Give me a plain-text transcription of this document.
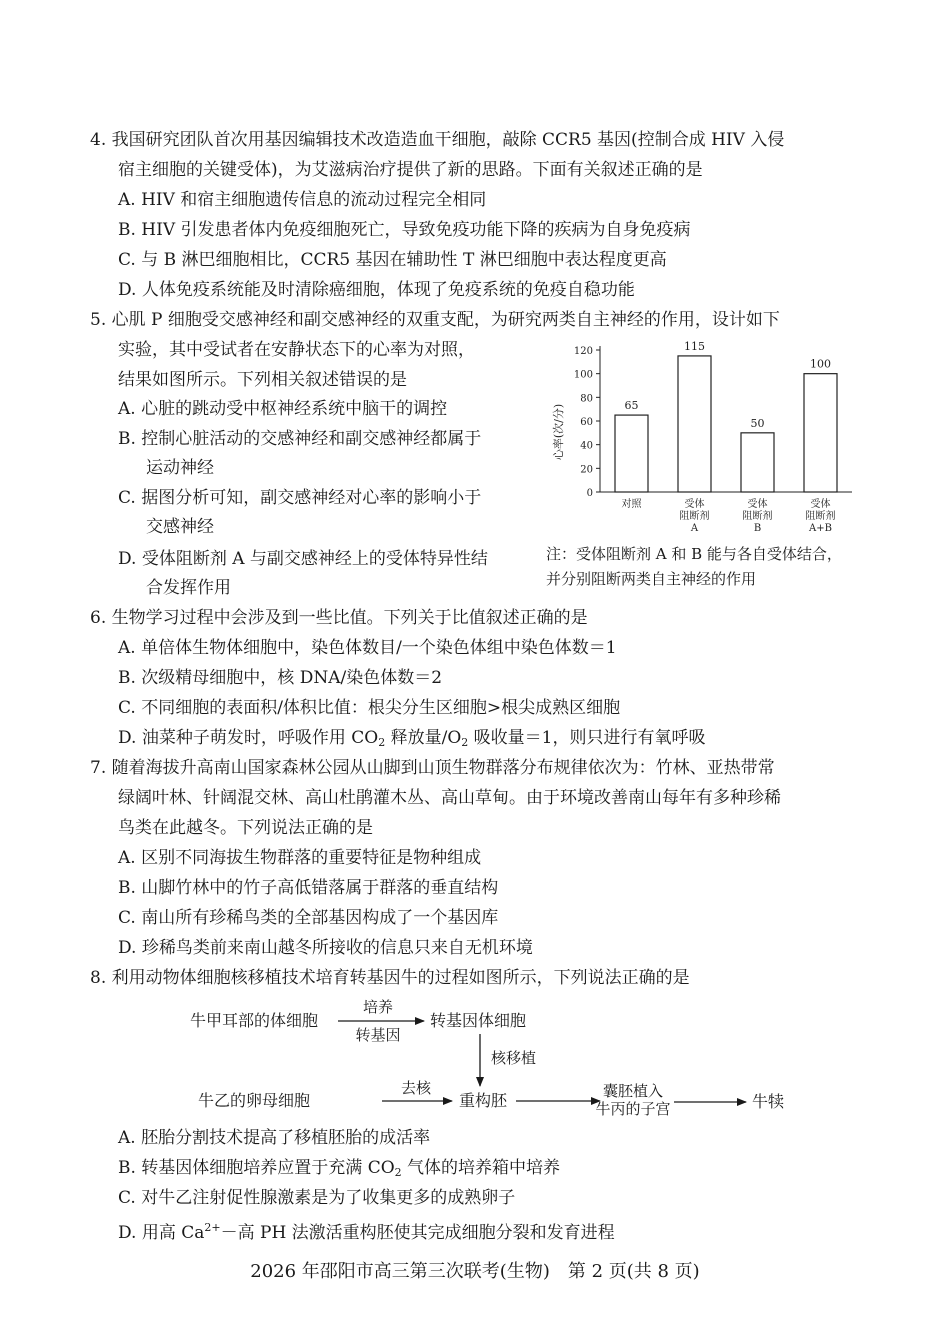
4. 我国研究团队首次用基因编辑技术改造造血干细胞，敲除 CCR5 基因(控制合成 HIV 入侵
宿主细胞的关键受体)，为艾滋病治疗提供了新的思路。下面有关叙述正确的是
A. HIV 和宿主细胞遗传信息的流动过程完全相同
B. HIV 引发患者体内免疫细胞死亡，导致免疫功能下降的疾病为自身免疫病
C. 与 B 淋巴细胞相比，CCR5 基因在辅助性 T 淋巴细胞中表达程度更高
D. 人体免疫系统能及时清除癌细胞，体现了免疫系统的免疫自稳功能
5. 心肌 P 细胞受交感神经和副交感神经的双重支配，为研究两类自主神经的作用，设计如下
实验，其中受试者在安静状态下的心率为对照，
结果如图所示。下列相关叙述错误的是
A. 心脏的跳动受中枢神经系统中脑干的调控
B. 控制心脏活动的交感神经和副交感神经都属于
运动神经
C. 据图分析可知，副交感神经对心率的影响小于
交感神经
D. 受体阻断剂 A 与副交感神经上的受体特异性结
合发挥作用
心率(次/分)
0
20
40
60
80
100
120
65
对照
115
受体
阻断剂
A
50
受体
阻断剂
B
100
受体
阻断剂
A+B
注：受体阻断剂 A 和 B 能与各自受体结合，
并分别阻断两类自主神经的作用
6. 生物学习过程中会涉及到一些比值。下列关于比值叙述正确的是
A. 单倍体生物体细胞中，染色体数目/一个染色体组中染色体数＝1
B. 次级精母细胞中，核 DNA/染色体数＝2
C. 不同细胞的表面积/体积比值：根尖分生区细胞>根尖成熟区细胞
D. 油菜种子萌发时，呼吸作用 $CO_2$ 释放量$/O_2$ 吸收量＝1，则只进行有氧呼吸
7. 随着海拔升高南山国家森林公园从山脚到山顶生物群落分布规律依次为：竹林、亚热带常
绿阔叶林、针阔混交林、高山杜鹃灌木丛、高山草甸。由于环境改善南山每年有多种珍稀
鸟类在此越冬。下列说法正确的是
A. 区别不同海拔生物群落的重要特征是物种组成
B. 山脚竹林中的竹子高低错落属于群落的垂直结构
C. 南山所有珍稀鸟类的全部基因构成了一个基因库
D. 珍稀鸟类前来南山越冬所接收的信息只来自无机环境
8. 利用动物体细胞核移植技术培育转基因牛的过程如图所示，下列说法正确的是
牛甲耳部的体细胞
培养
转基因
转基因体细胞
核移植
牛乙的卵母细胞
去核
重构胚	囊胚植入
牛丙的子宫	牛犊
A. 胚胎分割技术提高了移植胚胎的成活率
B. 转基因体细胞培养应置于充满 $CO_2$ 气体的培养箱中培养
C. 对牛乙注射促性腺激素是为了收集更多的成熟卵子
D. 用高 $Ca^{2+}-$高 PH 法激活重构胚使其完成细胞分裂和发育进程
2026 年邵阳市高三第三次联考(生物)　第 2 页(共 8 页)
